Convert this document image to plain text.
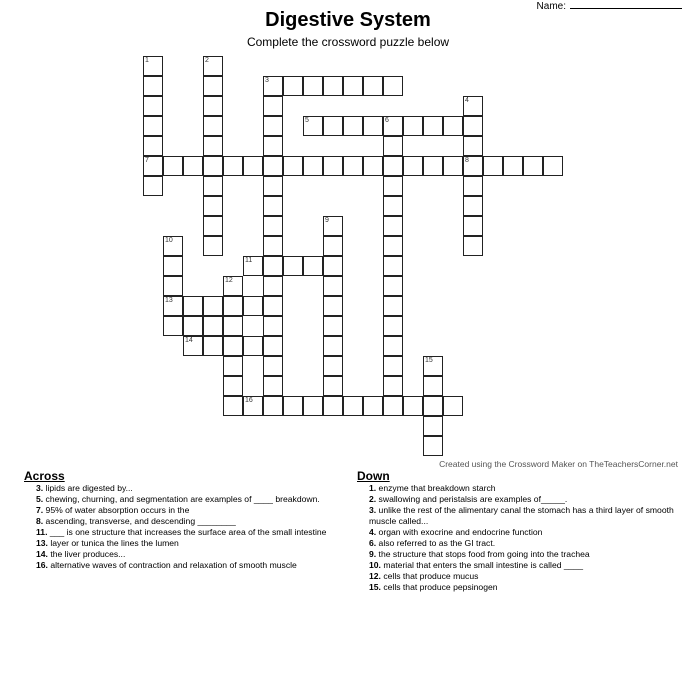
Name:
Digestive System

Complete the crossword puzzle below

1
7
2
3
4
8
5	6
9
10
13
11
12
14
15
16
Created using the Crossword Maker on TheTeachersCorner.net
Across
3. lipids are digested by...
5. chewing, churning, and segmentation are examples of ____ breakdown.
7. 95% of water absorption occurs in the
8. ascending, transverse, and descending ________
11. ___ is one structure that increases the surface area of the small intestine
13. layer or tunica the lines the lumen
14. the liver produces...
16. alternative waves of contraction and relaxation of smooth muscle
Down
1. enzyme that breakdown starch
2. swallowing and peristalsis are examples of_____.
3. unlike the rest of the alimentary canal the stomach has a third layer of smooth muscle called...
4. organ with exocrine and endocrine function
6. also referred to as the GI tract.
9. the structure that stops food from going into the trachea
10. material that enters the small intestine is called ____
12. cells that produce mucus
15. cells that produce pepsinogen
